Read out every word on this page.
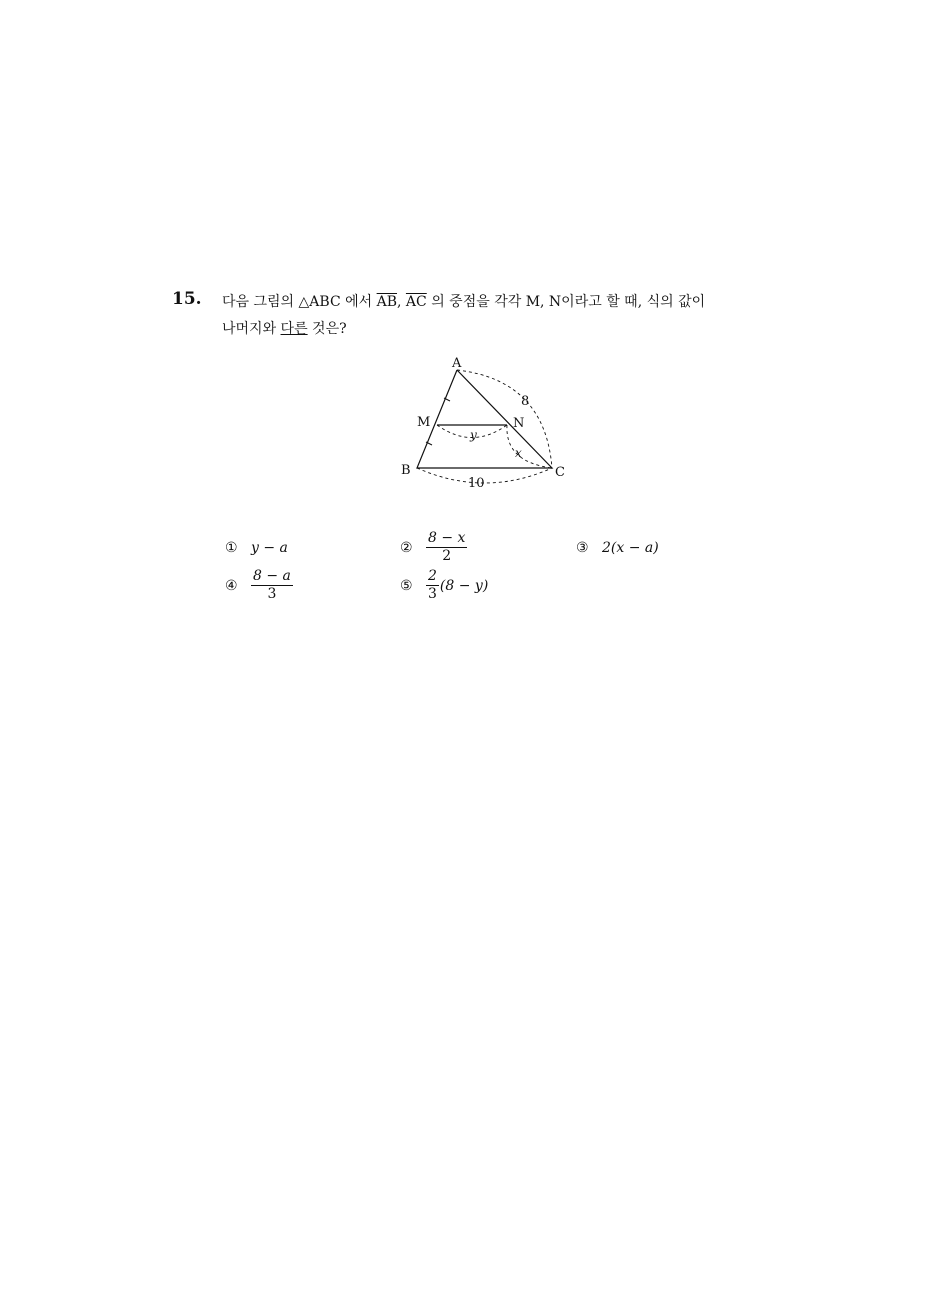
15. 다음 그림의 △ABC 에서 $\overline{AB}$, $\overline{AC}$ 의 중점을 각각 M, N이라고 할 때, 식의 값이
나머지와 다른 것은?
A
M	N
B	C
8
10
y
x
① y − a	② $\frac{8 - x}{2}$	③ 2(x − a)
④ $\frac{8 - a}{3}$	⑤ $\frac{2}{3} (8 - y)$
